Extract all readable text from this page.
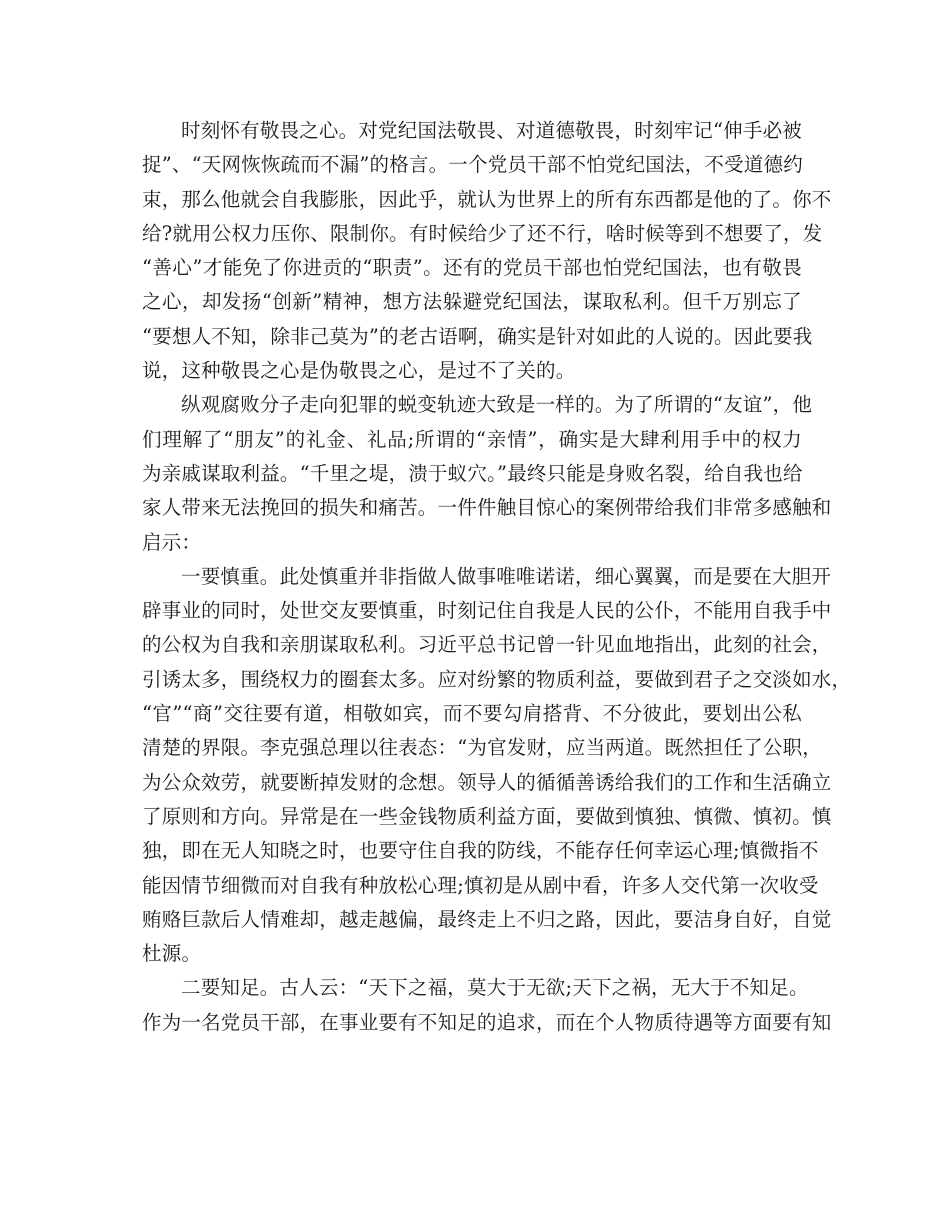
时刻怀有敬畏之心。对党纪国法敬畏、对道德敬畏，时刻牢记“伸手必被
捉”、“天网恢恢疏而不漏”的格言。一个党员干部不怕党纪国法，不受道德约
束，那么他就会自我膨胀，因此乎，就认为世界上的所有东西都是他的了。你不
给?就用公权力压你、限制你。有时候给少了还不行，啥时候等到不想要了，发
“善心”才能免了你进贡的“职责”。还有的党员干部也怕党纪国法，也有敬畏
之心，却发扬“创新”精神，想方法躲避党纪国法，谋取私利。但千万别忘了
“要想人不知，除非己莫为”的老古语啊，确实是针对如此的人说的。因此要我
说，这种敬畏之心是伪敬畏之心，是过不了关的。
纵观腐败分子走向犯罪的蜕变轨迹大致是一样的。为了所谓的“友谊”，他
们理解了“朋友”的礼金、礼品;所谓的“亲情”，确实是大肆利用手中的权力
为亲戚谋取利益。“千里之堤，溃于蚁穴。”最终只能是身败名裂，给自我也给
家人带来无法挽回的损失和痛苦。一件件触目惊心的案例带给我们非常多感触和
启示：
一要慎重。此处慎重并非指做人做事唯唯诺诺，细心翼翼，而是要在大胆开
辟事业的同时，处世交友要慎重，时刻记住自我是人民的公仆，不能用自我手中
的公权为自我和亲朋谋取私利。习近平总书记曾一针见血地指出，此刻的社会，
引诱太多，围绕权力的圈套太多。应对纷繁的物质利益，要做到君子之交淡如水，
“官”“商”交往要有道，相敬如宾，而不要勾肩搭背、不分彼此，要划出公私
清楚的界限。李克强总理以往表态：“为官发财，应当两道。既然担任了公职，
为公众效劳，就要断掉发财的念想。领导人的循循善诱给我们的工作和生活确立
了原则和方向。异常是在一些金钱物质利益方面，要做到慎独、慎微、慎初。慎
独，即在无人知晓之时，也要守住自我的防线，不能存任何幸运心理;慎微指不
能因情节细微而对自我有种放松心理;慎初是从剧中看，许多人交代第一次收受
贿赂巨款后人情难却，越走越偏，最终走上不归之路，因此，要洁身自好，自觉
杜源。
二要知足。古人云：“天下之福，莫大于无欲;天下之祸，无大于不知足。
作为一名党员干部，在事业要有不知足的追求，而在个人物质待遇等方面要有知
